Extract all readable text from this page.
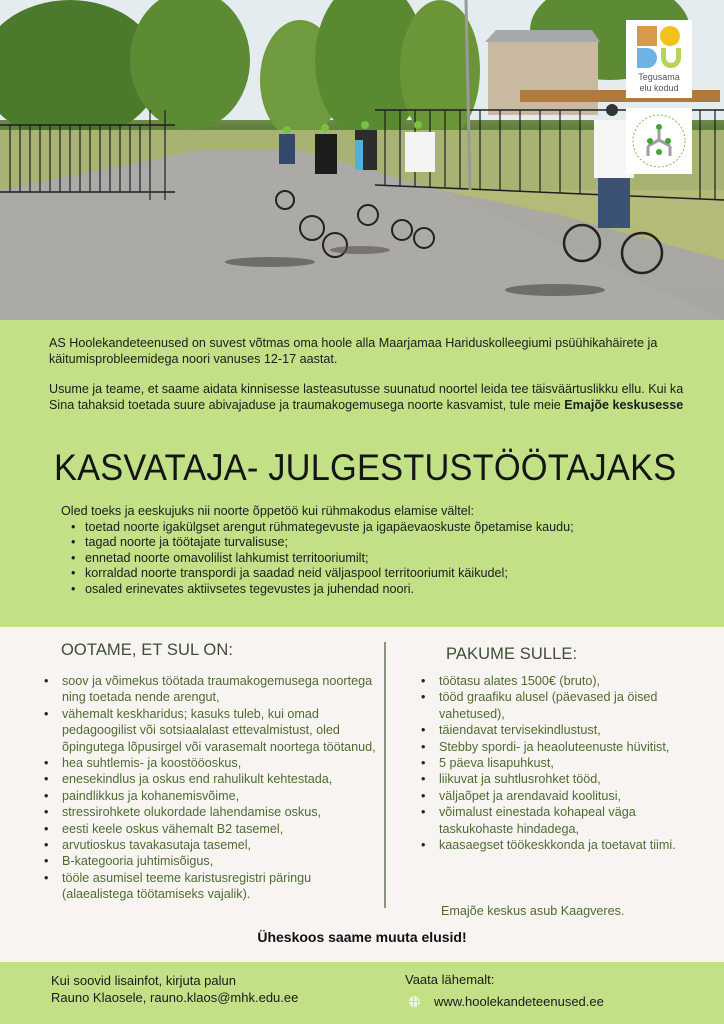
Tegusama
elu kodud

AS Hoolekandeteenused on suvest võtmas oma hoole alla Maarjamaa Hariduskolleegiumi psüühikahäirete ja käitumisprobleemidega noori vanuses 12-17 aastat.

Usume ja teame, et saame aidata kinnisesse lasteasutusse suunatud noortel leida tee täisväärtuslikku ellu. Kui ka Sina tahaksid toetada suure abivajaduse ja traumakogemusega noorte kasvamist, tule meie Emajõe keskusesse

KASVATAJA- JULGESTUSTÖÖTAJAKS
Oled toeks ja eeskujuks nii noorte õppetöö kui rühmakodus elamise vältel:
• toetad noorte igakülgset arengut rühmategevuste ja igapäevaoskuste õpetamise kaudu;
• tagad noorte ja töötajate turvalisuse;
• ennetad noorte omavolilist lahkumist territooriumilt;
• korraldad noorte transpordi ja saadad neid väljaspool territooriumit käikudel;
• osaled erinevates aktiivsetes tegevustes ja juhendad noori.
OOTAME, ET SUL ON:
• soov ja võimekus töötada traumakogemusega noortega ning toetada nende arengut,
• vähemalt keskharidus; kasuks tuleb, kui omad pedagoogilist või sotsiaalalast ettevalmistust, oled õpingutega lõpusirgel või varasemalt noortega töötanud,
• hea suhtlemis- ja koostööoskus,
• enesekindlus ja oskus end rahulikult kehtestada,
• paindlikkus ja kohanemisvõime,
• stressirohkete olukordade lahendamise oskus,
• eesti keele oskus vähemalt B2 tasemel,
• arvutioskus tavakasutaja tasemel,
• B-kategooria juhtimisõigus,
• tööle asumisel teeme karistusregistri päringu (alaealistega töötamiseks vajalik).
PAKUME SULLE:
• töötasu alates 1500€ (bruto),
• tööd graafiku alusel (päevased ja öised vahetused),
• täiendavat tervisekindlustust,
• Stebby spordi- ja heaoluteenuste hüvitist,
• 5 päeva lisapuhkust,
• liikuvat ja suhtlusrohket tööd,
• väljaõpet ja arendavaid koolitusi,
• võimalust einestada kohapeal väga taskukohaste hindadega,
• kaasaegset töökeskkonda ja toetavat tiimi.
Emajõe keskus asub Kaagveres.
Üheskoos saame muuta elusid!
Kui soovid lisainfot, kirjuta palun
Rauno Klaosele, rauno.klaos@mhk.edu.ee
Vaata lähemalt:
www.hoolekandeteenused.ee
